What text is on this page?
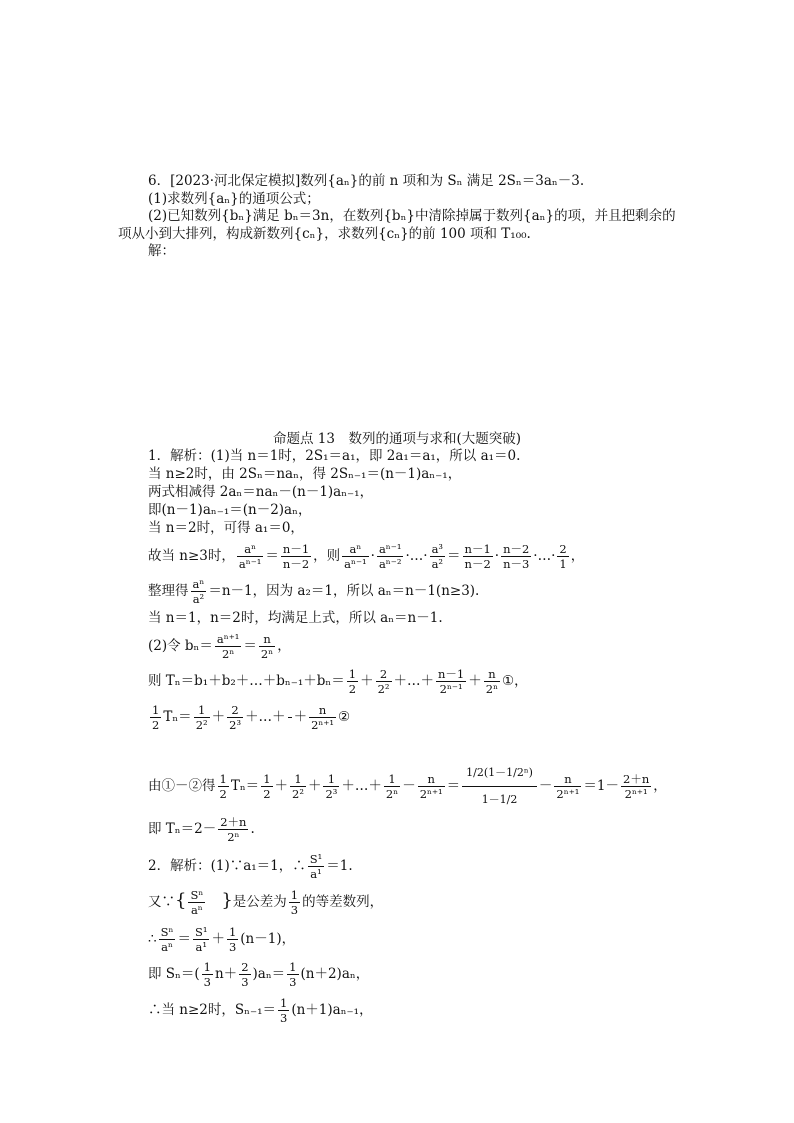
6．[2023·河北保定模拟]数列{aₙ}的前 n 项和为 Sₙ 满足 2Sₙ＝3aₙ－3.
(1)求数列{aₙ}的通项公式；
(2)已知数列{bₙ}满足 bₙ＝3n，在数列{bₙ}中清除掉属于数列{aₙ}的项，并且把剩余的
项从小到大排列，构成新数列{cₙ}，求数列{cₙ}的前 100 项和 T₁₀₀.
解：
命题点 13　数列的通项与求和(大题突破)
1．解析：(1)当 n＝1时，2S₁＝a₁，即 2a₁＝a₁，所以 a₁＝0.
当 n≥2时，由 2Sₙ＝naₙ，得 2Sₙ₋₁＝(n－1)aₙ₋₁，
两式相减得 2aₙ＝naₙ－(n－1)aₙ₋₁，
即(n－1)aₙ₋₁＝(n－2)aₙ，
当 n＝2时，可得 a₁＝0，
故当 n≥3时， $\frac{\text{aⁿ}}{\text{aⁿ⁻¹}} = \frac{n-1}{n-2}$ ，则 $\frac{\text{aⁿ}}{\text{aⁿ⁻¹}} \cdot \frac{\text{aⁿ⁻¹}}{\text{aⁿ⁻²}}$ ·…· $\frac{\text{a³}}{\text{a²}} = \frac{n-1}{n-2} \cdot \frac{n-2}{n-3}$ ·…· $\frac{2}{1}$ ，
整理得 $\frac{\text{aⁿ}}{\text{a²}} =n-1$，因为 a₂＝1，所以 aₙ＝n－1(n≥3).
当 n＝1，n＝2时，均满足上式，所以 aₙ＝n－1.
(2)令 $b_n= \frac{\text{aⁿ⁺¹}}{\text{2ⁿ}} = \frac{n}{\text{2ⁿ}}$ ，
则 Tₙ＝b₁＋b₂＋…＋bₙ₋₁＋bₙ＝ $\frac{1}{2} + \frac{2}{\text{2²}}$ ＋…＋ $\frac{n-1}{\text{2ⁿ⁻¹}} + \frac{n}{\text{2ⁿ}}$ ①，
$\frac{1}{2} T_n= \frac{1}{\text{2²}} + \frac{2}{\text{2³}}$ ＋…＋ ＋ $\frac{n}{\text{2ⁿ⁺¹}}$ ②
由①－②得 $\frac{1}{2} T_n= \frac{1}{2} + \frac{1}{\text{2²}} + \frac{1}{\text{2³}}$ ＋…＋ $\frac{1}{\text{2ⁿ}} - \frac{n}{\text{2ⁿ⁺¹}} = \frac{\text{1/2(1－1/2ⁿ)}}{1-1/2} - \frac{n}{\text{2ⁿ⁺¹}} =1- \frac{2+n}{\text{2ⁿ⁺¹}}$ ，
即 $T_n=2- \frac{2+n}{\text{2ⁿ}}$ .
2．解析：(1)∵a₁＝1，∴ $\frac{\text{S¹}}{\text{a¹}} =1$.
又∵{ $\frac{\text{Sⁿ}}{\text{aⁿ}}$ }是公差为 $\frac{1}{3}$ 的等差数列，
∴ $\frac{\text{Sⁿ}}{\text{aⁿ}} = \frac{\text{S¹}}{\text{a¹}} + \frac{1}{3} (n-1)$，
即 $S_n=( \frac{1}{3} n+ \frac{2}{3} )a_n= \frac{1}{3} (n+2)a_n$，
∴当 n≥2时，$S_{n-1}= \frac{1}{3} (n+1)a_{n-1}$，
